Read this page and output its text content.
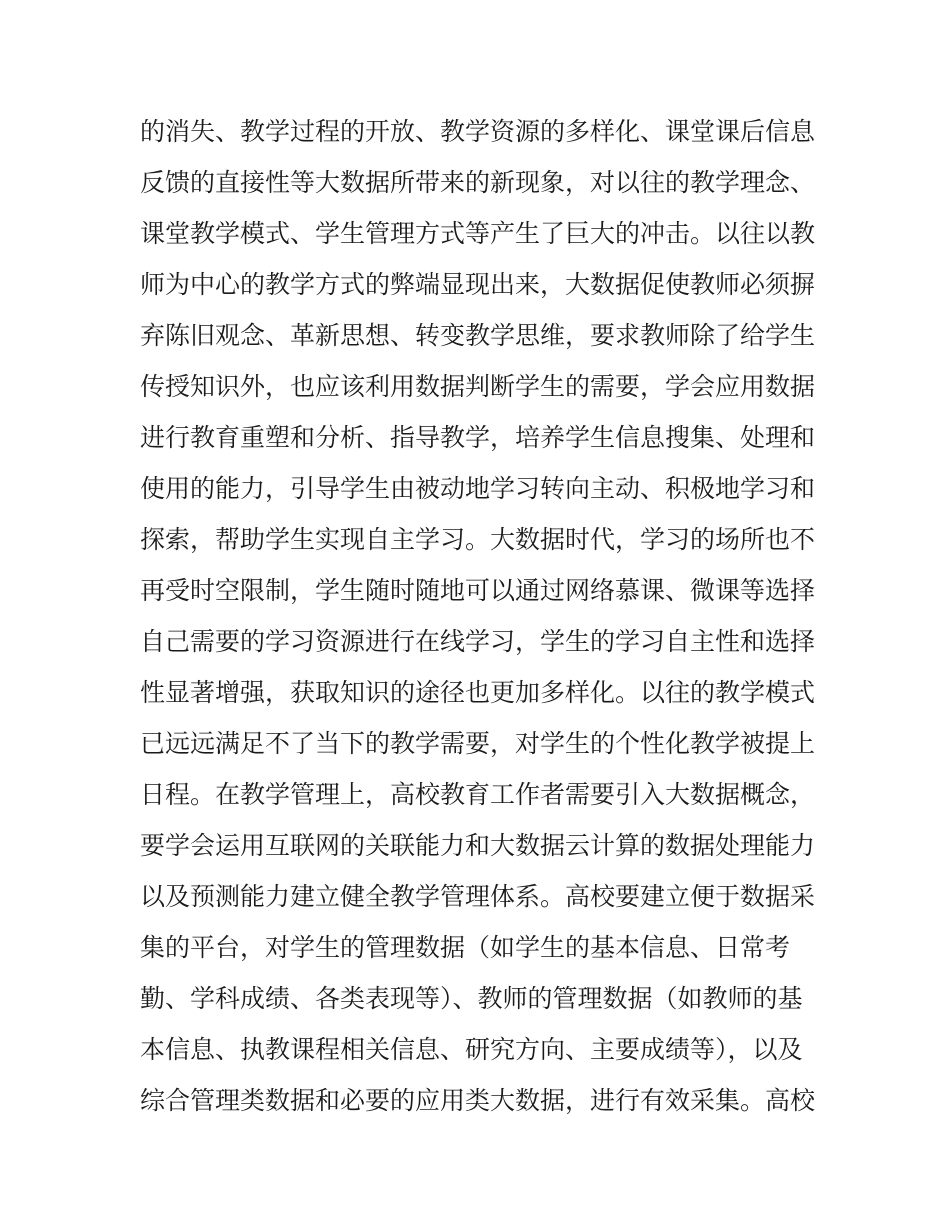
的消失、教学过程的开放、教学资源的多样化、课堂课后信息
反馈的直接性等大数据所带来的新现象，对以往的教学理念、
课堂教学模式、学生管理方式等产生了巨大的冲击。以往以教
师为中心的教学方式的弊端显现出来，大数据促使教师必须摒
弃陈旧观念、革新思想、转变教学思维，要求教师除了给学生
传授知识外，也应该利用数据判断学生的需要，学会应用数据
进行教育重塑和分析、指导教学，培养学生信息搜集、处理和
使用的能力，引导学生由被动地学习转向主动、积极地学习和
探索，帮助学生实现自主学习。大数据时代，学习的场所也不
再受时空限制，学生随时随地可以通过网络慕课、微课等选择
自己需要的学习资源进行在线学习，学生的学习自主性和选择
性显著增强，获取知识的途径也更加多样化。以往的教学模式
已远远满足不了当下的教学需要，对学生的个性化教学被提上
日程。在教学管理上，高校教育工作者需要引入大数据概念，
要学会运用互联网的关联能力和大数据云计算的数据处理能力
以及预测能力建立健全教学管理体系。高校要建立便于数据采
集的平台，对学生的管理数据（如学生的基本信息、日常考
勤、学科成绩、各类表现等）、教师的管理数据（如教师的基
本信息、执教课程相关信息、研究方向、主要成绩等），以及
综合管理类数据和必要的应用类大数据，进行有效采集。高校
